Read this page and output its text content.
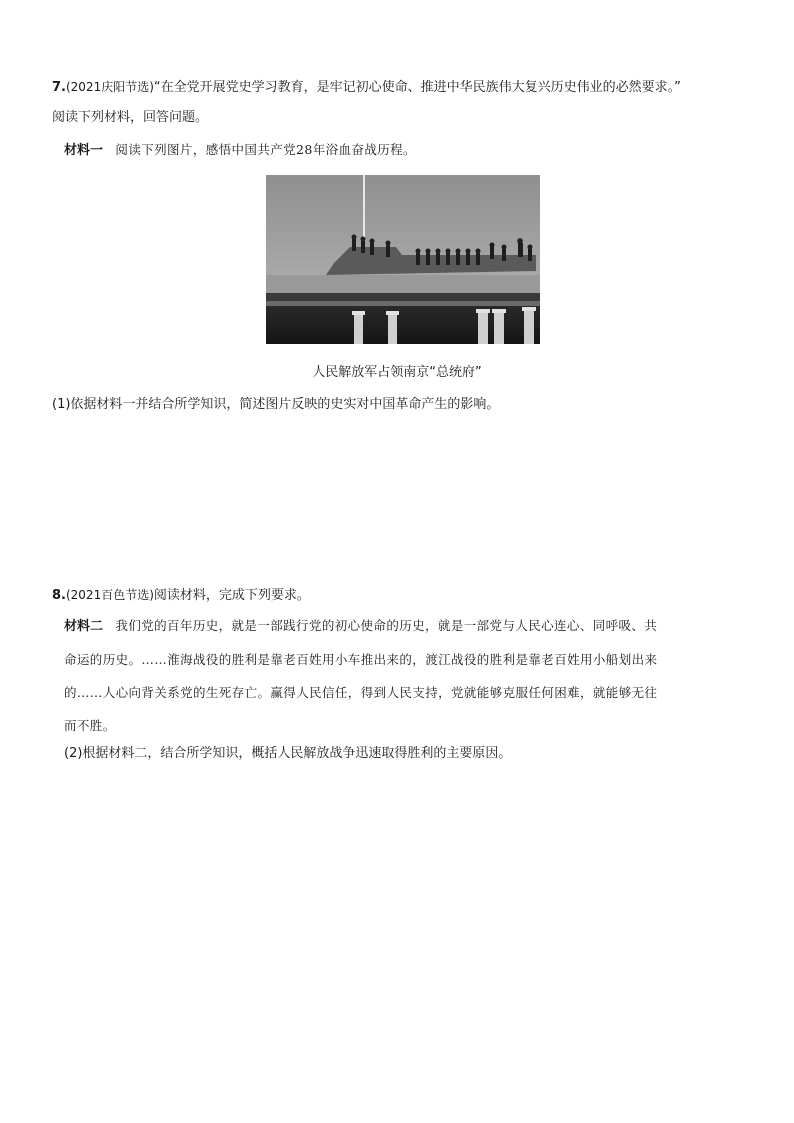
7.(2021庆阳节选)“在全党开展党史学习教育，是牢记初心使命、推进中华民族伟大复兴历史伟业的必然要求。”
阅读下列材料，回答问题。
材料一 阅读下列图片，感悟中国共产党28年浴血奋战历程。
人民解放军占领南京“总统府”
(1)依据材料一并结合所学知识，简述图片反映的史实对中国革命产生的影响。
8.(2021百色节选)阅读材料，完成下列要求。
材料二 我们党的百年历史，就是一部践行党的初心使命的历史，就是一部党与人民心连心、同呼吸、共
命运的历史。……淮海战役的胜利是靠老百姓用小车推出来的，渡江战役的胜利是靠老百姓用小船划出来
的……人心向背关系党的生死存亡。赢得人民信任，得到人民支持，党就能够克服任何困难，就能够无往
而不胜。
(2)根据材料二，结合所学知识，概括人民解放战争迅速取得胜利的主要原因。
